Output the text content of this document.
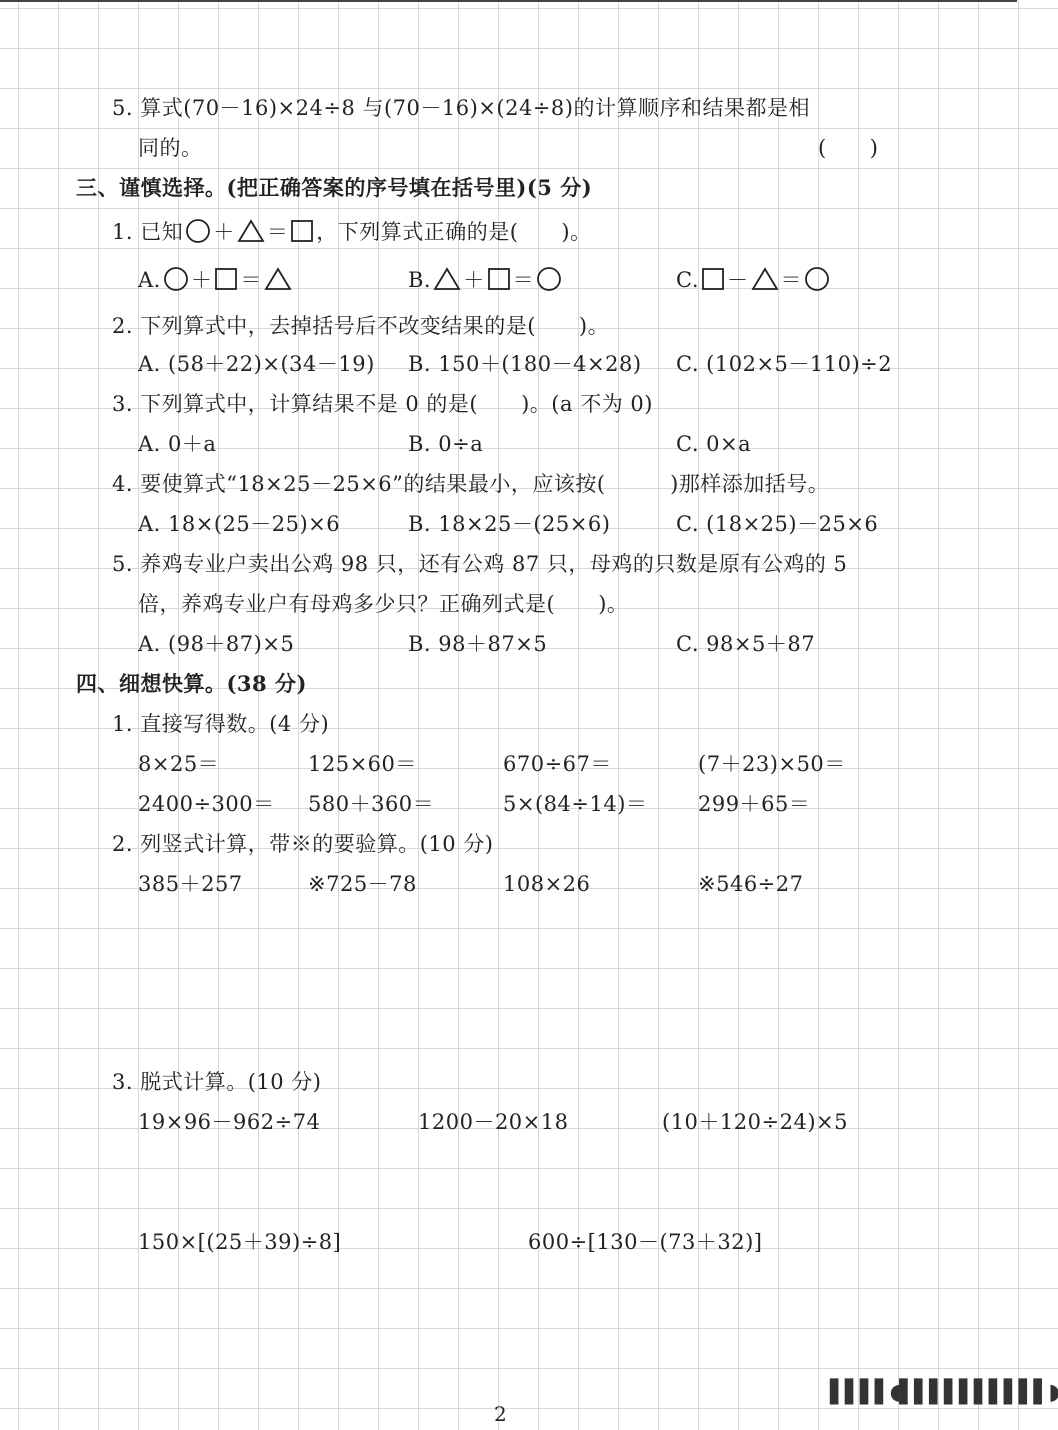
5. 算式(70－16)×24÷8 与(70－16)×(24÷8)的计算顺序和结果都是相
同的。	(　　)
三、谨慎选择。(把正确答案的序号填在括号里)(5 分)
1. 已知 ＋ ＝ ，下列算式正确的是(　　)。
A. ＋ ＝	B. ＋ ＝	C. － ＝
2. 下列算式中，去掉括号后不改变结果的是(　　)。
A. (58＋22)×(34－19) B. 150＋(180－4×28) C. (102×5－110)÷2
3. 下列算式中，计算结果不是 0 的是(　　)。(a 不为 0)
A. 0＋a	B. 0÷a	C. 0×a
4. 要使算式“18×25－25×6”的结果最小，应该按(　　　)那样添加括号。
A. 18×(25－25)×6	B. 18×25－(25×6)	C. (18×25)－25×6
5. 养鸡专业户卖出公鸡 98 只，还有公鸡 87 只，母鸡的只数是原有公鸡的 5
倍，养鸡专业户有母鸡多少只？正确列式是(　　)。
A. (98＋87)×5	B. 98＋87×5	C. 98×5＋87
四、细想快算。(38 分)
1. 直接写得数。(4 分)
8×25＝	125×60＝	670÷67＝	(7＋23)×50＝
2400÷300＝ 580＋360＝	5×(84÷14)＝ 299＋65＝
2. 列竖式计算，带※的要验算。(10 分)
385＋257	※725－78	108×26	※546÷27
3. 脱式计算。(10 分)
19×96－962÷74	1200－20×18	(10＋120÷24)×5
150×[(25＋39)÷8]	600÷[130－(73＋32)]
2
▌▌▌▌◖▌▌▌▌▌▌▌▌▌▌◗
